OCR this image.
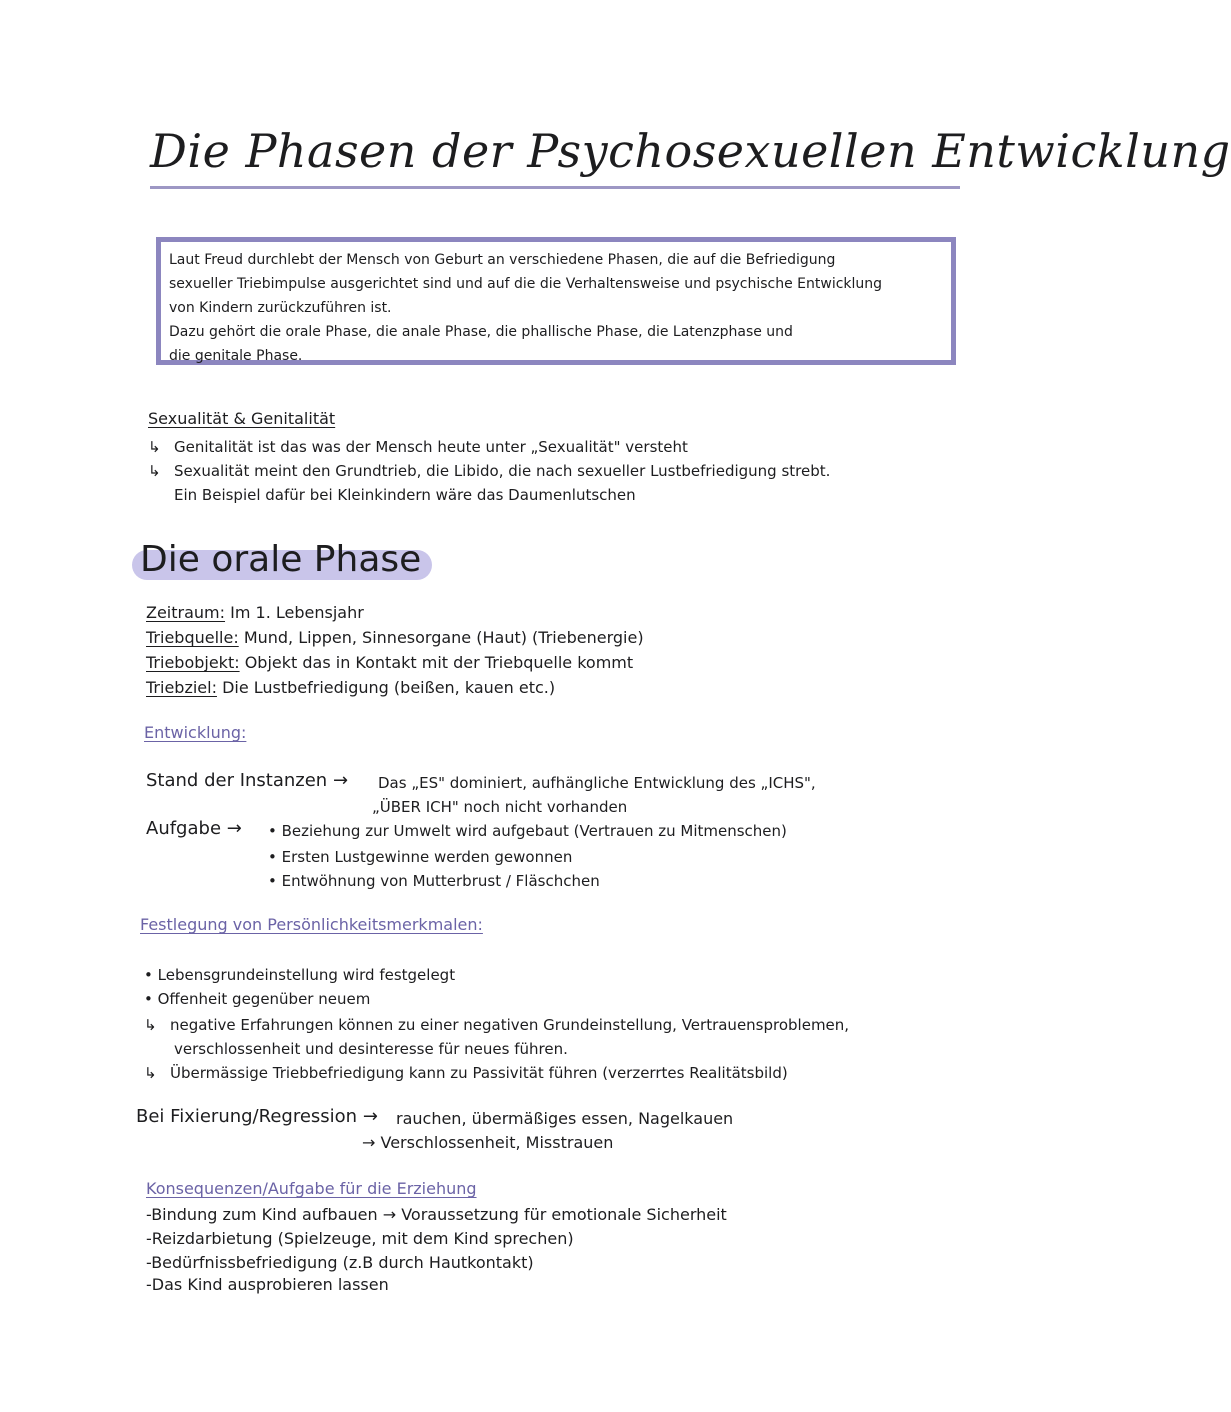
Die Phasen der Psychosexuellen Entwicklung

Laut Freud durchlebt der Mensch von Geburt an verschiedene Phasen, die auf die Befriedigung

sexueller Triebimpulse ausgerichtet sind und auf die die Verhaltensweise und psychische Entwicklung

von Kindern zurückzuführen ist.

Dazu gehört die orale Phase, die anale Phase, die phallische Phase, die Latenzphase und

die genitale Phase.

Sexualität & Genitalität
↳ Genitalität ist das was der Mensch heute unter „Sexualität" versteht
↳ Sexualität meint den Grundtrieb, die Libido, die nach sexueller Lustbefriedigung strebt.
Ein Beispiel dafür bei Kleinkindern wäre das Daumenlutschen
Die orale Phase
Zeitraum: Im 1. Lebensjahr
Triebquelle: Mund, Lippen, Sinnesorgane (Haut) (Triebenergie)
Triebobjekt: Objekt das in Kontakt mit der Triebquelle kommt
Triebziel: Die Lustbefriedigung (beißen, kauen etc.)
Entwicklung:
Stand der Instanzen → Das „ES" dominiert, aufhängliche Entwicklung des „ICHS",
„ÜBER ICH" noch nicht vorhanden
Aufgabe → • Beziehung zur Umwelt wird aufgebaut (Vertrauen zu Mitmenschen)
• Ersten Lustgewinne werden gewonnen
• Entwöhnung von Mutterbrust / Fläschchen
Festlegung von Persönlichkeitsmerkmalen:
• Lebensgrundeinstellung wird festgelegt
• Offenheit gegenüber neuem
↳ negative Erfahrungen können zu einer negativen Grundeinstellung, Vertrauensproblemen,
verschlossenheit und desinteresse für neues führen.
↳ Übermässige Triebbefriedigung kann zu Passivität führen (verzerrtes Realitätsbild)
Bei Fixierung/Regression → rauchen, übermäßiges essen, Nagelkauen
→ Verschlossenheit, Misstrauen
Konsequenzen/Aufgabe für die Erziehung
-Bindung zum Kind aufbauen → Voraussetzung für emotionale Sicherheit
-Reizdarbietung (Spielzeuge, mit dem Kind sprechen)
-Bedürfnissbefriedigung (z.B durch Hautkontakt)
-Das Kind ausprobieren lassen
